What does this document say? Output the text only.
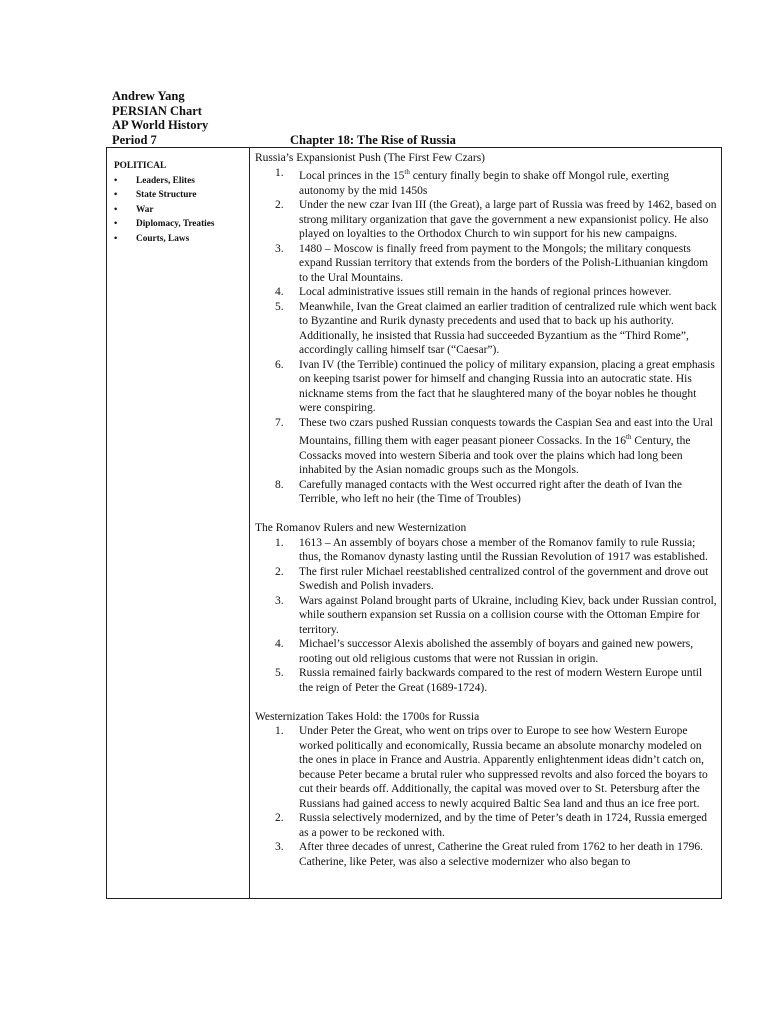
Andrew Yang
PERSIAN Chart
AP World History
Period 7	Chapter 18: The Rise of Russia
POLITICAL
• Leaders, Elites
• State Structure
• War
• Diplomacy, Treaties
• Courts, Laws
Russia’s Expansionist Push (The First Few Czars)
1. Local princes in the 15th century finally begin to shake off Mongol rule, exerting autonomy by the mid 1450s
2. Under the new czar Ivan III (the Great), a large part of Russia was freed by 1462, based on strong military organization that gave the government a new expansionist policy. He also played on loyalties to the Orthodox Church to win support for his new campaigns.
3. 1480 – Moscow is finally freed from payment to the Mongols; the military conquests expand Russian territory that extends from the borders of the Polish-Lithuanian kingdom to the Ural Mountains.
4. Local administrative issues still remain in the hands of regional princes however.
5. Meanwhile, Ivan the Great claimed an earlier tradition of centralized rule which went back to Byzantine and Rurik dynasty precedents and used that to back up his authority. Additionally, he insisted that Russia had succeeded Byzantium as the “Third Rome”, accordingly calling himself tsar (“Caesar”).
6. Ivan IV (the Terrible) continued the policy of military expansion, placing a great emphasis on keeping tsarist power for himself and changing Russia into an autocratic state. His nickname stems from the fact that he slaughtered many of the boyar nobles he thought were conspiring.
7. These two czars pushed Russian conquests towards the Caspian Sea and east into the Ural Mountains, filling them with eager peasant pioneer Cossacks. In the 16th Century, the Cossacks moved into western Siberia and took over the plains which had long been inhabited by the Asian nomadic groups such as the Mongols.
8. Carefully managed contacts with the West occurred right after the death of Ivan the Terrible, who left no heir (the Time of Troubles)
The Romanov Rulers and new Westernization
1. 1613 – An assembly of boyars chose a member of the Romanov family to rule Russia; thus, the Romanov dynasty lasting until the Russian Revolution of 1917 was established.
2. The first ruler Michael reestablished centralized control of the government and drove out Swedish and Polish invaders.
3. Wars against Poland brought parts of Ukraine, including Kiev, back under Russian control, while southern expansion set Russia on a collision course with the Ottoman Empire for territory.
4. Michael’s successor Alexis abolished the assembly of boyars and gained new powers, rooting out old religious customs that were not Russian in origin.
5. Russia remained fairly backwards compared to the rest of modern Western Europe until the reign of Peter the Great (1689-1724).
Westernization Takes Hold: the 1700s for Russia
1. Under Peter the Great, who went on trips over to Europe to see how Western Europe worked politically and economically, Russia became an absolute monarchy modeled on the ones in place in France and Austria. Apparently enlightenment ideas didn’t catch on, because Peter became a brutal ruler who suppressed revolts and also forced the boyars to cut their beards off. Additionally, the capital was moved over to St. Petersburg after the Russians had gained access to newly acquired Baltic Sea land and thus an ice free port.
2. Russia selectively modernized, and by the time of Peter’s death in 1724, Russia emerged as a power to be reckoned with.
3. After three decades of unrest, Catherine the Great ruled from 1762 to her death in 1796. Catherine, like Peter, was also a selective modernizer who also began to
